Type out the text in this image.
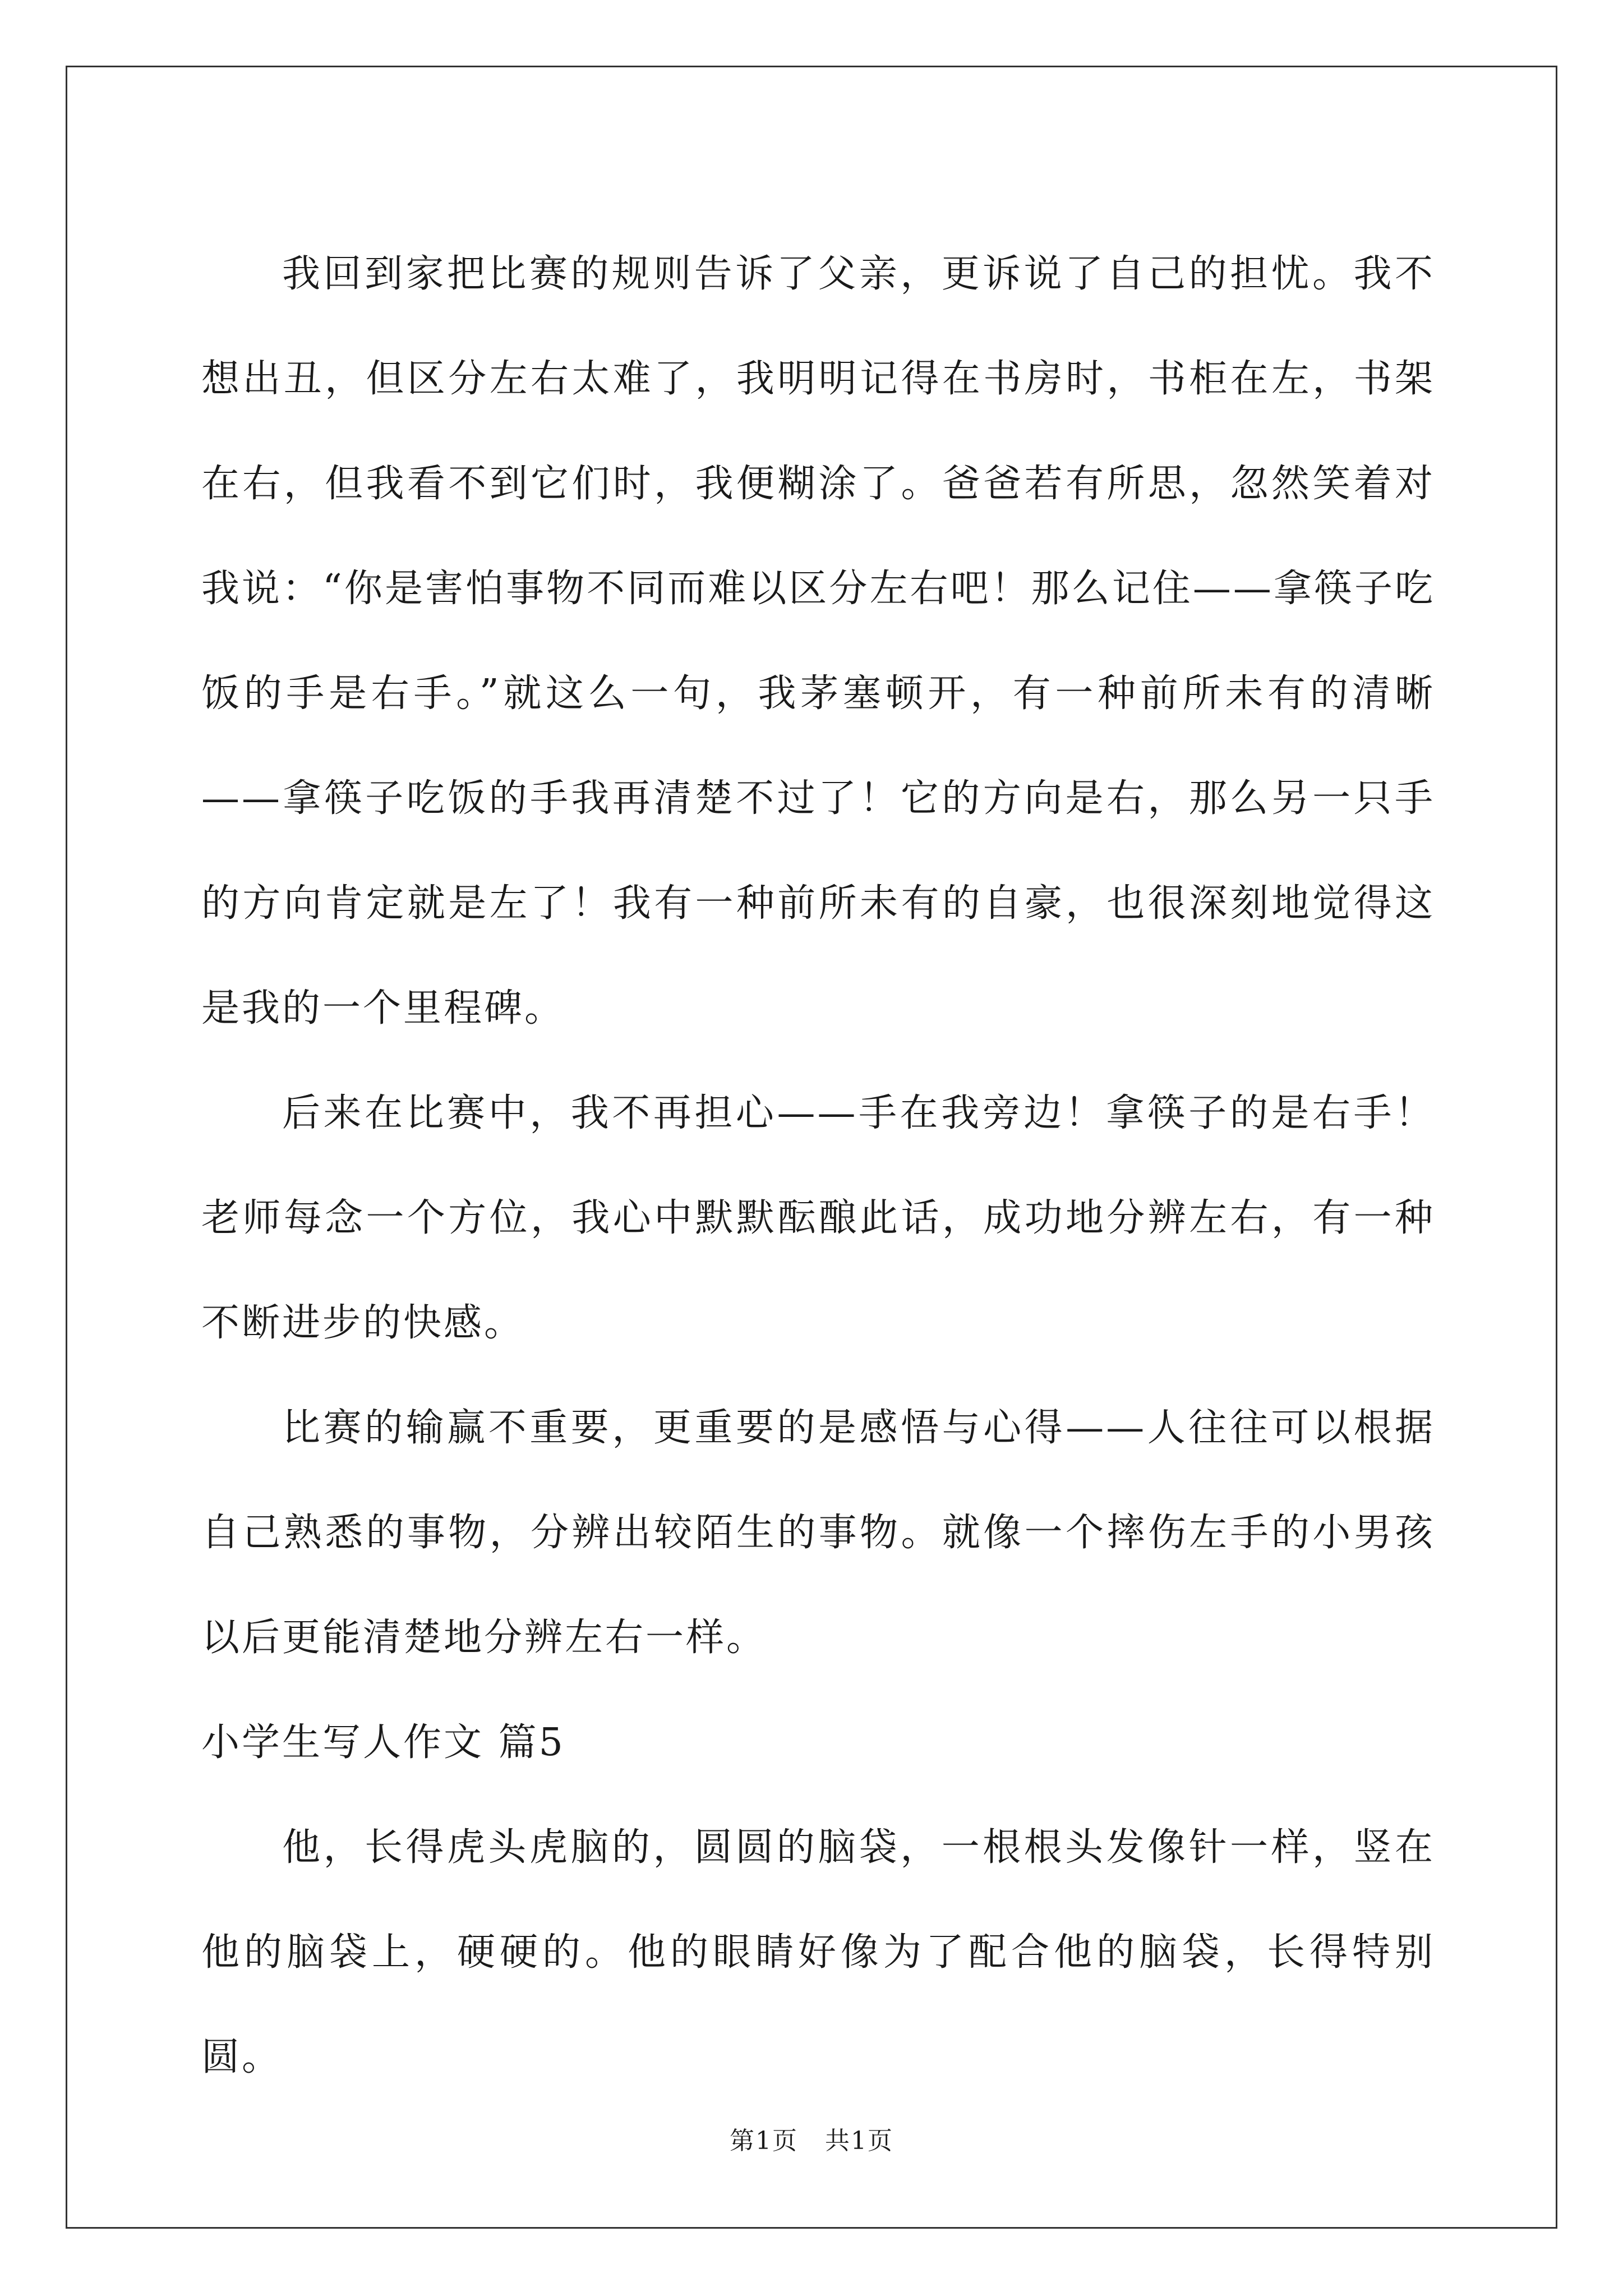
我回到家把比赛的规则告诉了父亲，更诉说了自己的担忧。我不想出丑，但区分左右太难了，我明明记得在书房时，书柜在左，书架在右，但我看不到它们时，我便糊涂了。爸爸若有所思，忽然笑着对我说：“你是害怕事物不同而难以区分左右吧！那么记住——拿筷子吃饭的手是右手。”就这么一句，我茅塞顿开，有一种前所未有的清晰——拿筷子吃饭的手我再清楚不过了！它的方向是右，那么另一只手的方向肯定就是左了！我有一种前所未有的自豪，也很深刻地觉得这是我的一个里程碑。

后来在比赛中，我不再担心——手在我旁边！拿筷子的是右手！老师每念一个方位，我心中默默酝酿此话，成功地分辨左右，有一种不断进步的快感。

比赛的输赢不重要，更重要的是感悟与心得——人往往可以根据自己熟悉的事物，分辨出较陌生的事物。就像一个摔伤左手的小男孩以后更能清楚地分辨左右一样。

小学生写人作文 篇5

他，长得虎头虎脑的，圆圆的脑袋，一根根头发像针一样，竖在他的脑袋上，硬硬的。他的眼睛好像为了配合他的脑袋，长得特别圆。

第1页   共1页
